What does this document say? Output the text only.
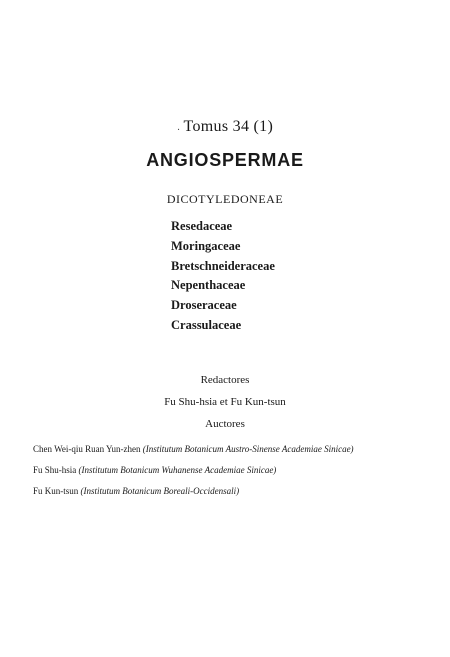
· Tomus 34 (1)
ANGIOSPERMAE
DICOTYLEDONEAE
Resedaceae
Moringaceae
Bretschneideraceae
Nepenthaceae
Droseraceae
Crassulaceae
Redactores
Fu Shu-hsia et Fu Kun-tsun
Auctores
Chen Wei-qiu Ruan Yun-zhen (Institutum Botanicum Austro-Sinense Academiae Sinicae)
Fu Shu-hsia (Institutum Botanicum Wuhanense Academiae Sinicae)
Fu Kun-tsun (Institutum Botanicum Boreali-Occidensali)
